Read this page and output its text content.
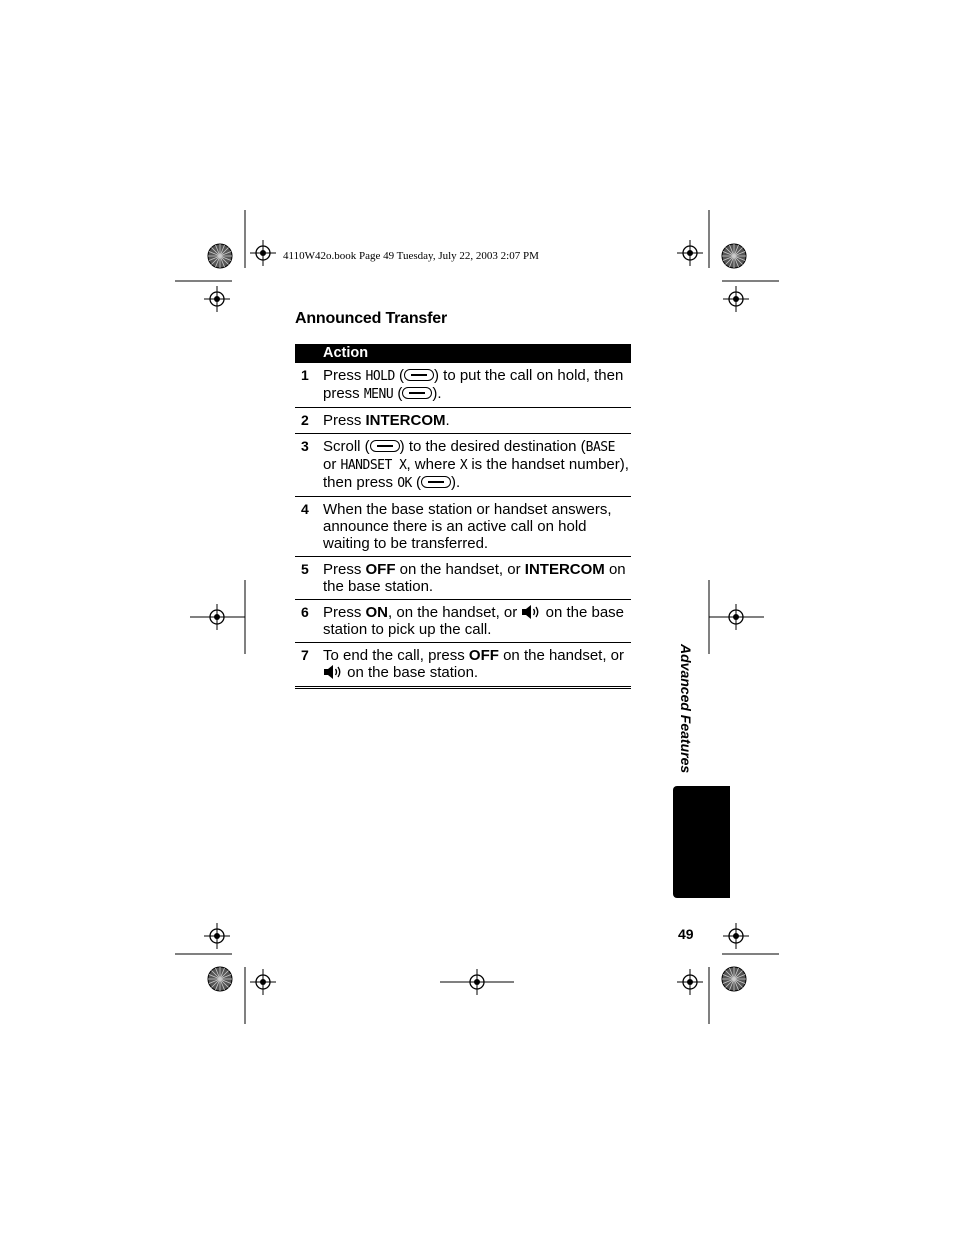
4110W42o.book Page 49 Tuesday, July 22, 2003 2:07 PM
Announced Transfer
Action
1 Press HOLD ( ) to put the call on hold, then press MENU ( ).
2 Press INTERCOM.
3 Scroll ( ) to the desired destination (BASE or HANDSET X, where X is the handset number), then press OK ( ).
4 When the base station or handset answers, announce there is an active call on hold waiting to be transferred.
5 Press OFF on the handset, or INTERCOM on the base station.
6 Press ON, on the handset, or  on the base station to pick up the call.
7 To end the call, press OFF on the handset, or  on the base station.	Advanced Features
49
